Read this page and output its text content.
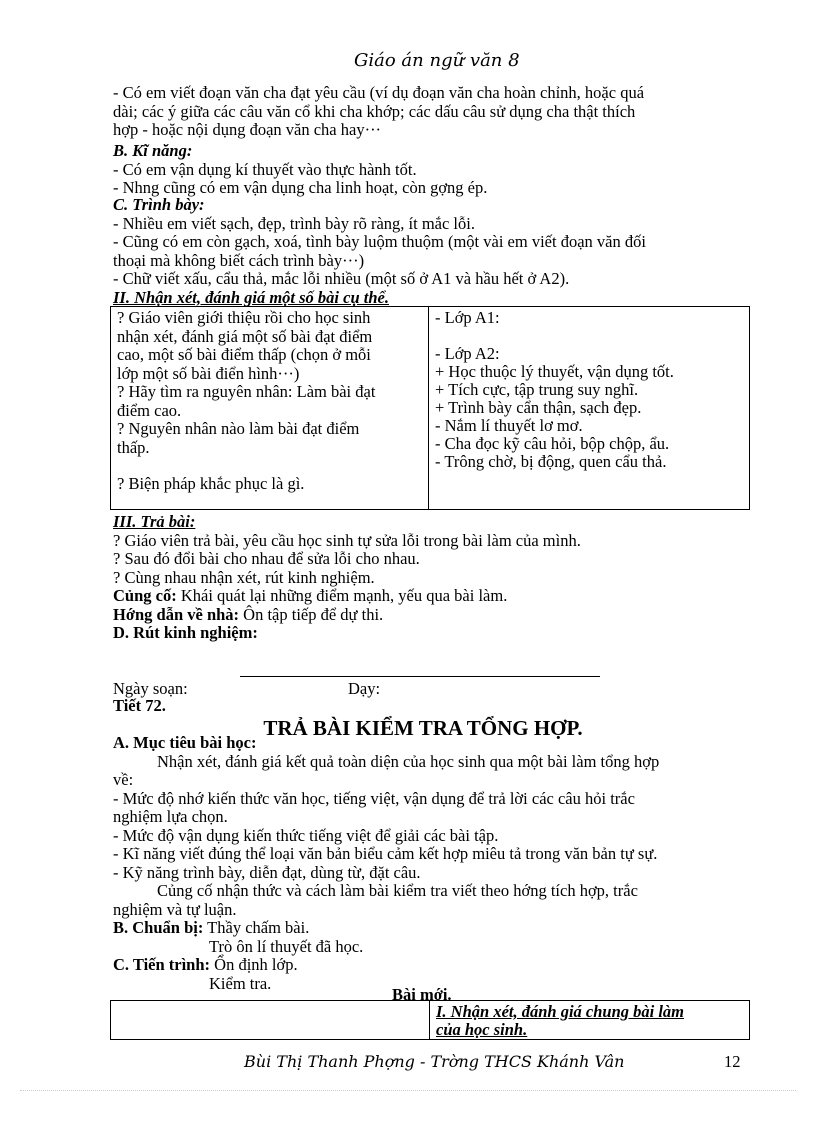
Giáo án ngữ văn 8
- Có em viết đoạn văn cha đạt yêu cầu (ví dụ đoạn văn cha hoàn chỉnh, hoặc quá
dài; các ý giữa các câu văn cổ khi cha khớp; các dấu câu sử dụng cha thật thích
hợp - hoặc nội dụng đoạn văn cha hay···
B. Kĩ năng:
- Có em vận dụng kí thuyết vào thực hành tốt.
- Nhng cũng có em vận dụng cha linh hoạt, còn gợng ép.
C. Trình bày:
- Nhiều em viết sạch, đẹp, trình bày rõ ràng, ít mắc lỗi.
- Cũng có em còn gạch, xoá, tình bày luộm thuộm (một vài em viết đoạn văn đối
thoại mà không biết cách trình bày···)
- Chữ viết xấu, cẩu thả, mắc lỗi nhiều (một số ở A1 và hầu hết ở A2).
II. Nhận xét, đánh giá một số bài cụ thể.
? Giáo viên giới thiệu rồi cho học sinh
nhận xét, đánh giá một số bài đạt điểm
cao, một số bài điểm thấp (chọn ở mỗi
lớp một số bài điển hình···)
? Hãy tìm ra nguyên nhân: Làm bài đạt
điểm cao.
? Nguyên nhân nào làm bài đạt điểm
thấp.
? Biện pháp khắc phục là gì.
- Lớp A1:
- Lớp A2:
+ Học thuộc lý thuyết, vận dụng tốt.
+ Tích cực, tập trung suy nghĩ.
+ Trình bày cẩn thận, sạch đẹp.
- Nắm lí thuyết lơ mơ.
- Cha đọc kỹ câu hỏi, bộp chộp, ẩu.
- Trông chờ, bị động, quen cẩu thả.
III. Trả bài:
? Giáo viên trả bài, yêu cầu học sinh tự sửa lỗi trong bài làm của mình.
? Sau đó đổi bài cho nhau để sửa lỗi cho nhau.
? Cùng nhau nhận xét, rút kinh nghiệm.
Củng cố: Khái quát lại những điểm mạnh, yếu qua bài làm.
Hớng dẫn về nhà: Ôn tập tiếp để dự thi.
D. Rút kinh nghiệm:
Ngày soạn:	Dạy:
Tiết 72.
TRẢ BÀI KIỂM TRA TỔNG HỢP.
A. Mục tiêu bài học:
Nhận xét, đánh giá kết quả toàn diện của học sinh qua một bài làm tổng hợp
về:
- Mức độ nhớ kiến thức văn học, tiếng việt, vận dụng để trả lời các câu hỏi trắc
nghiệm lựa chọn.
- Mức độ vận dụng kiến thức tiếng việt để giải các bài tập.
- Kĩ năng viết đúng thể loại văn bản biểu cảm kết hợp miêu tả trong văn bản tự sự.
- Kỹ năng trình bày, diễn đạt, dùng từ, đặt câu.
Củng cố nhận thức và cách làm bài kiểm tra viết theo hớng tích hợp, trắc
nghiệm và tự luận.
B. Chuẩn bị: Thầy chấm bài.
Trò ôn lí thuyết đã học.
C. Tiến trình: Ổn định lớp.
Kiểm tra.
Bài mới.
I. Nhận xét, đánh giá chung bài làm
của học sinh.
Bùi Thị Thanh Phợng - Trờng THCS Khánh Vân	12
